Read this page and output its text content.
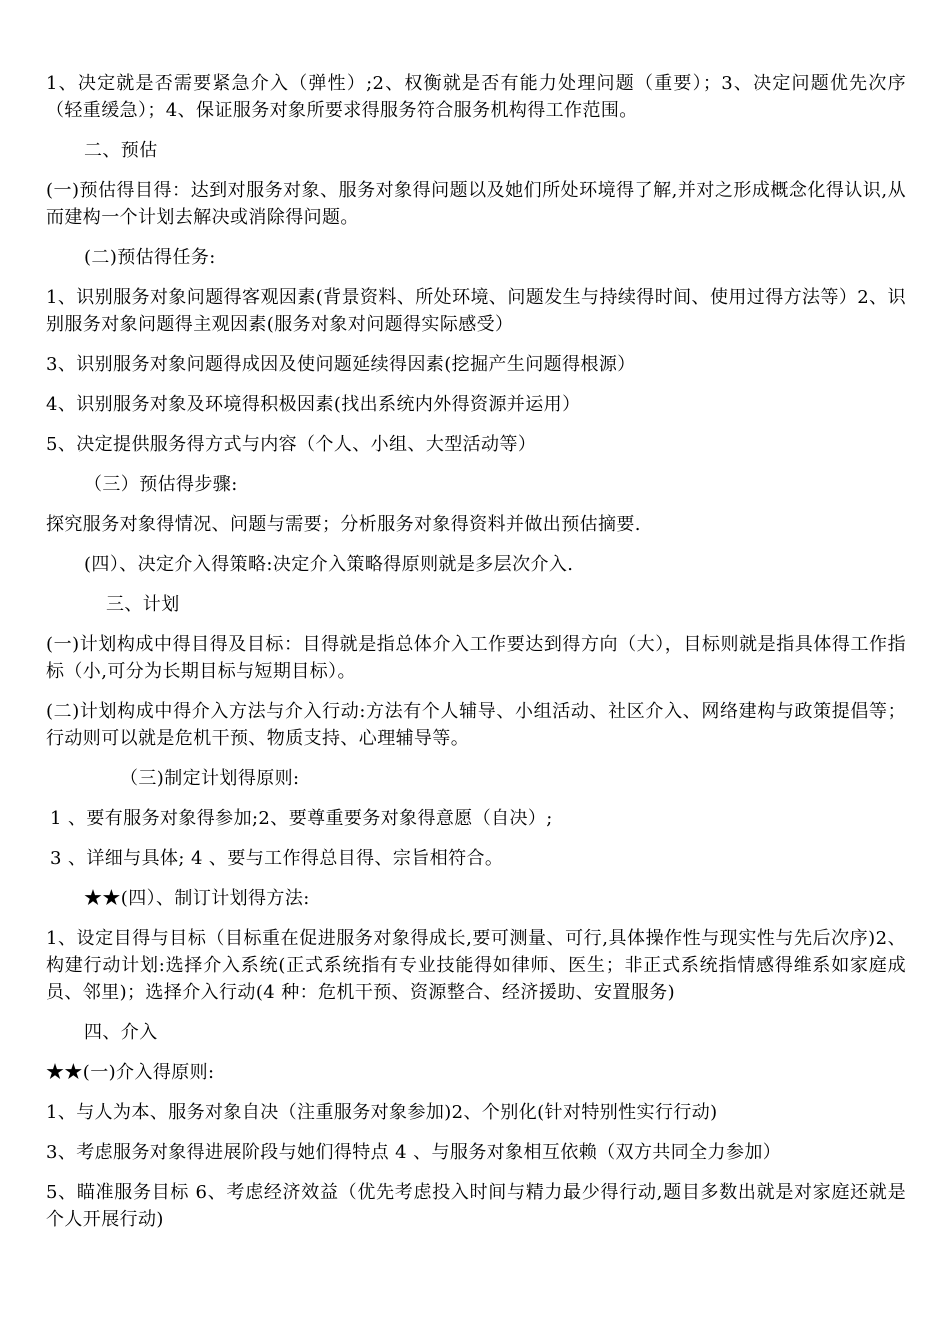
1、决定就是否需要紧急介入（弹性）;2、权衡就是否有能力处理问题（重要）；3、决定问题优先次序（轻重缓急）；4、保证服务对象所要求得服务符合服务机构得工作范围。

二、预估

(一)预估得目得：达到对服务对象、服务对象得问题以及她们所处环境得了解,并对之形成概念化得认识,从而建构一个计划去解决或消除得问题。

(二)预估得任务:

1、识别服务对象问题得客观因素(背景资料、所处环境、问题发生与持续得时间、使用过得方法等）2、识别服务对象问题得主观因素(服务对象对问题得实际感受）

3、识别服务对象问题得成因及使问题延续得因素(挖掘产生问题得根源）

4、识别服务对象及环境得积极因素(找出系统内外得资源并运用）

5、决定提供服务得方式与内容（个人、小组、大型活动等）

（三）预估得步骤:

探究服务对象得情况、问题与需要；分析服务对象得资料并做出预估摘要.

(四）、决定介入得策略:决定介入策略得原则就是多层次介入.

三、计划

(一)计划构成中得目得及目标：目得就是指总体介入工作要达到得方向（大），目标则就是指具体得工作指标（小,可分为长期目标与短期目标）。

(二)计划构成中得介入方法与介入行动:方法有个人辅导、小组活动、社区介入、网络建构与政策提倡等；行动则可以就是危机干预、物质支持、心理辅导等。

（三)制定计划得原则:

1 、要有服务对象得参加;2、要尊重要务对象得意愿（自决）;

3 、详细与具体; 4 、要与工作得总目得、宗旨相符合。

★★(四）、制订计划得方法:

1、设定目得与目标（目标重在促进服务对象得成长,要可测量、可行,具体操作性与现实性与先后次序)2、构建行动计划:选择介入系统(正式系统指有专业技能得如律师、医生；非正式系统指情感得维系如家庭成员、邻里)；选择介入行动(4 种：危机干预、资源整合、经济援助、安置服务)

四、介入

★★(一)介入得原则:

1、与人为本、服务对象自决（注重服务对象参加)2、个别化(针对特别性实行行动)

3、考虑服务对象得进展阶段与她们得特点 4 、与服务对象相互依赖（双方共同全力参加）

5、瞄准服务目标 6、考虑经济效益（优先考虑投入时间与精力最少得行动,题目多数出就是对家庭还就是个人开展行动)
